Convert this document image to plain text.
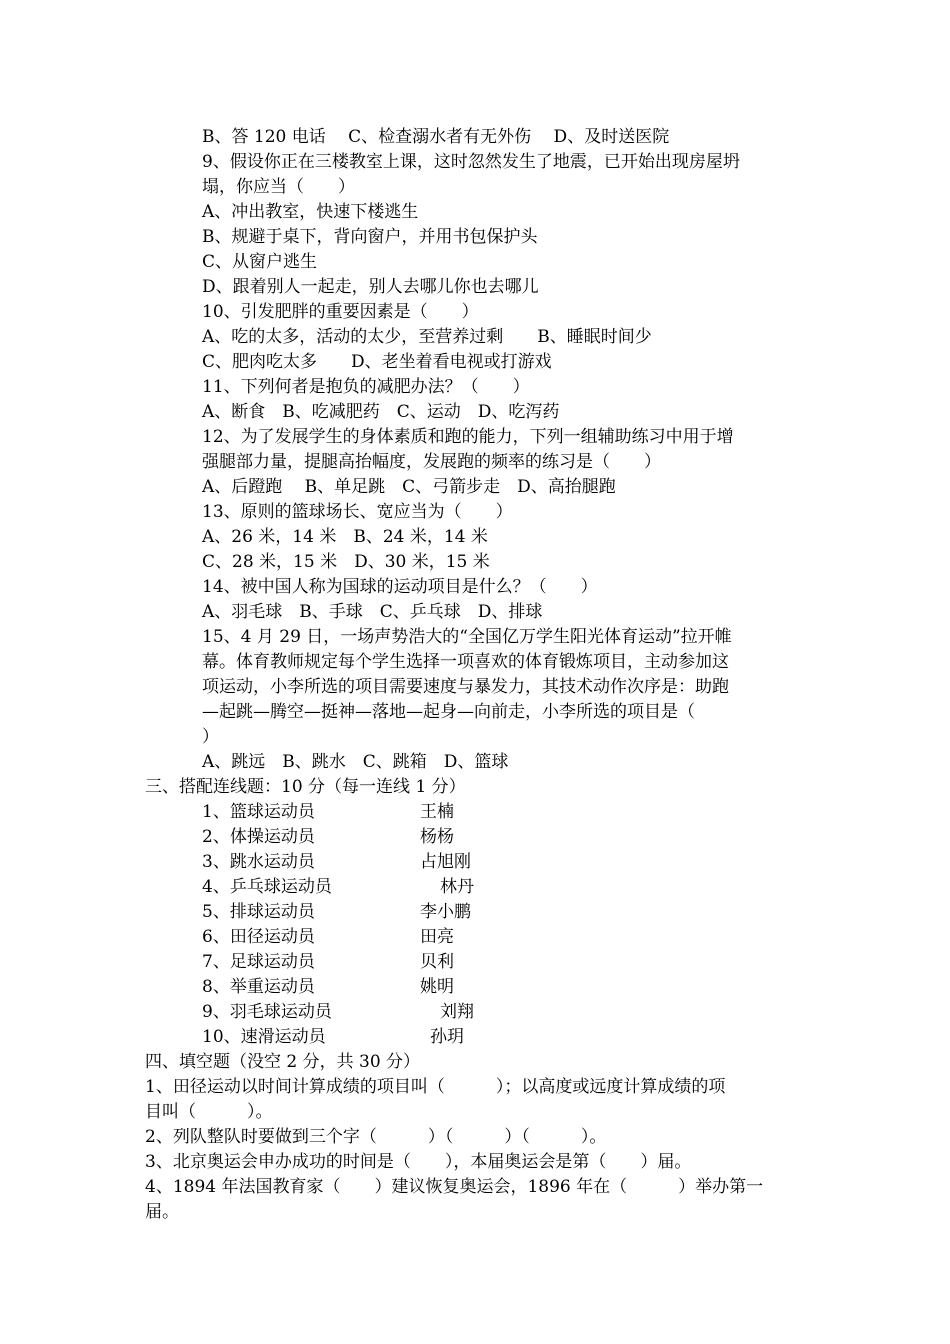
B、答 120 电话　 C、检查溺水者有无外伤　 D、及时送医院
9、假设你正在三楼教室上课，这时忽然发生了地震，已开始出现房屋坍
塌，你应当（　　）
A、冲出教室，快速下楼逃生
B、规避于桌下，背向窗户，并用书包保护头
C、从窗户逃生
D、跟着别人一起走，别人去哪儿你也去哪儿
10、引发肥胖的重要因素是（　　）
A、吃的太多，活动的太少，至营养过剩　　B、睡眠时间少
C、肥肉吃太多　　D、老坐着看电视或打游戏
11、下列何者是抱负的减肥办法？（　　）
A、断食　B、吃减肥药　C、运动　D、吃泻药
12、为了发展学生的身体素质和跑的能力，下列一组辅助练习中用于增
强腿部力量，提腿高抬幅度，发展跑的频率的练习是（　　）
A、后蹬跑　 B、单足跳　C、弓箭步走　D、高抬腿跑
13、原则的篮球场长、宽应当为（　　）
A、26 米，14 米　B、24 米，14 米
C、28 米，15 米　D、30 米，15 米
14、被中国人称为国球的运动项目是什么？（　　）
A、羽毛球　B、手球　C、乒乓球　D、排球
15、4 月 29 日，一场声势浩大的“全国亿万学生阳光体育运动”拉开帷
幕。体育教师规定每个学生选择一项喜欢的体育锻炼项目，主动参加这
项运动，小李所选的项目需要速度与暴发力，其技术动作次序是：助跑
—起跳—腾空—挺神—落地—起身—向前走，小李所选的项目是（
）
A、跳远　B、跳水　C、跳箱　D、篮球
三、搭配连线题：10 分（每一连线 1 分）
1、篮球运动员	王楠
2、体操运动员	杨杨
3、跳水运动员	占旭刚
4、乒乓球运动员	林丹
5、排球运动员	李小鹏
6、田径运动员	田亮
7、足球运动员	贝利
8、举重运动员	姚明
9、羽毛球运动员	刘翔
10、速滑运动员	孙玥
四、填空题（没空 2 分，共 30 分）
1、田径运动以时间计算成绩的项目叫（　　　）；以高度或远度计算成绩的项
目叫（　　　）。
2、列队整队时要做到三个字（　　　）（　　　）（　　　）。
3、北京奥运会申办成功的时间是（　　），本届奥运会是第（　　）届。
4、1894 年法国教育家（　　）建议恢复奥运会，1896 年在（　　　）举办第一
届。
